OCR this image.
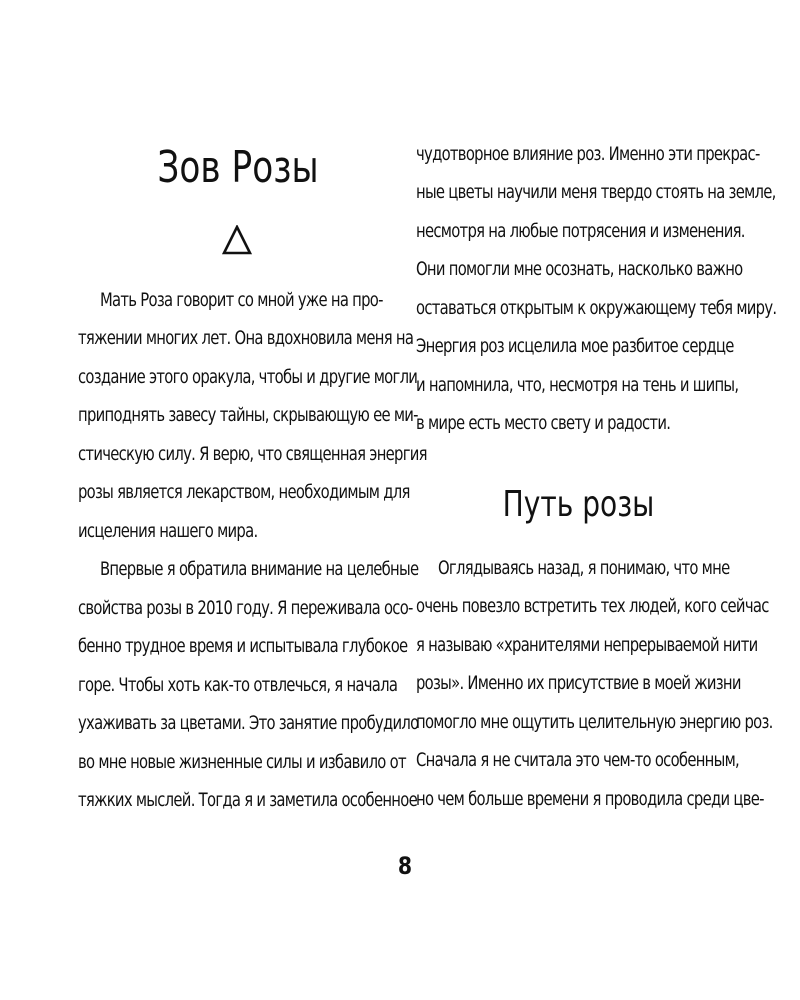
Зов Розы
Мать Роза говорит со мной уже на про-
тяжении многих лет. Она вдохновила меня на
создание этого оракула, чтобы и другие могли
приподнять завесу тайны, скрывающую ее ми-
стическую силу. Я верю, что священная энергия
розы является лекарством, необходимым для
исцеления нашего мира.
Впервые я обратила внимание на целебные
свойства розы в 2010 году. Я переживала осо-
бенно трудное время и испытывала глубокое
горе. Чтобы хоть как-то отвлечься, я начала
ухаживать за цветами. Это занятие пробудило
во мне новые жизненные силы и избавило от
тяжких мыслей. Тогда я и заметила особенное
чудотворное влияние роз. Именно эти прекрас-
ные цветы научили меня твердо стоять на земле,
несмотря на любые потрясения и изменения.
Они помогли мне осознать, насколько важно
оставаться открытым к окружающему тебя миру.
Энергия роз исцелила мое разбитое сердце
и напомнила, что, несмотря на тень и шипы,
в мире есть место свету и радости.
Путь розы
Оглядываясь назад, я понимаю, что мне
очень повезло встретить тех людей, кого сейчас
я называю «хранителями непрерываемой нити
розы». Именно их присутствие в моей жизни
помогло мне ощутить целительную энергию роз.
Сначала я не считала это чем-то особенным,
но чем больше времени я проводила среди цве-
8
